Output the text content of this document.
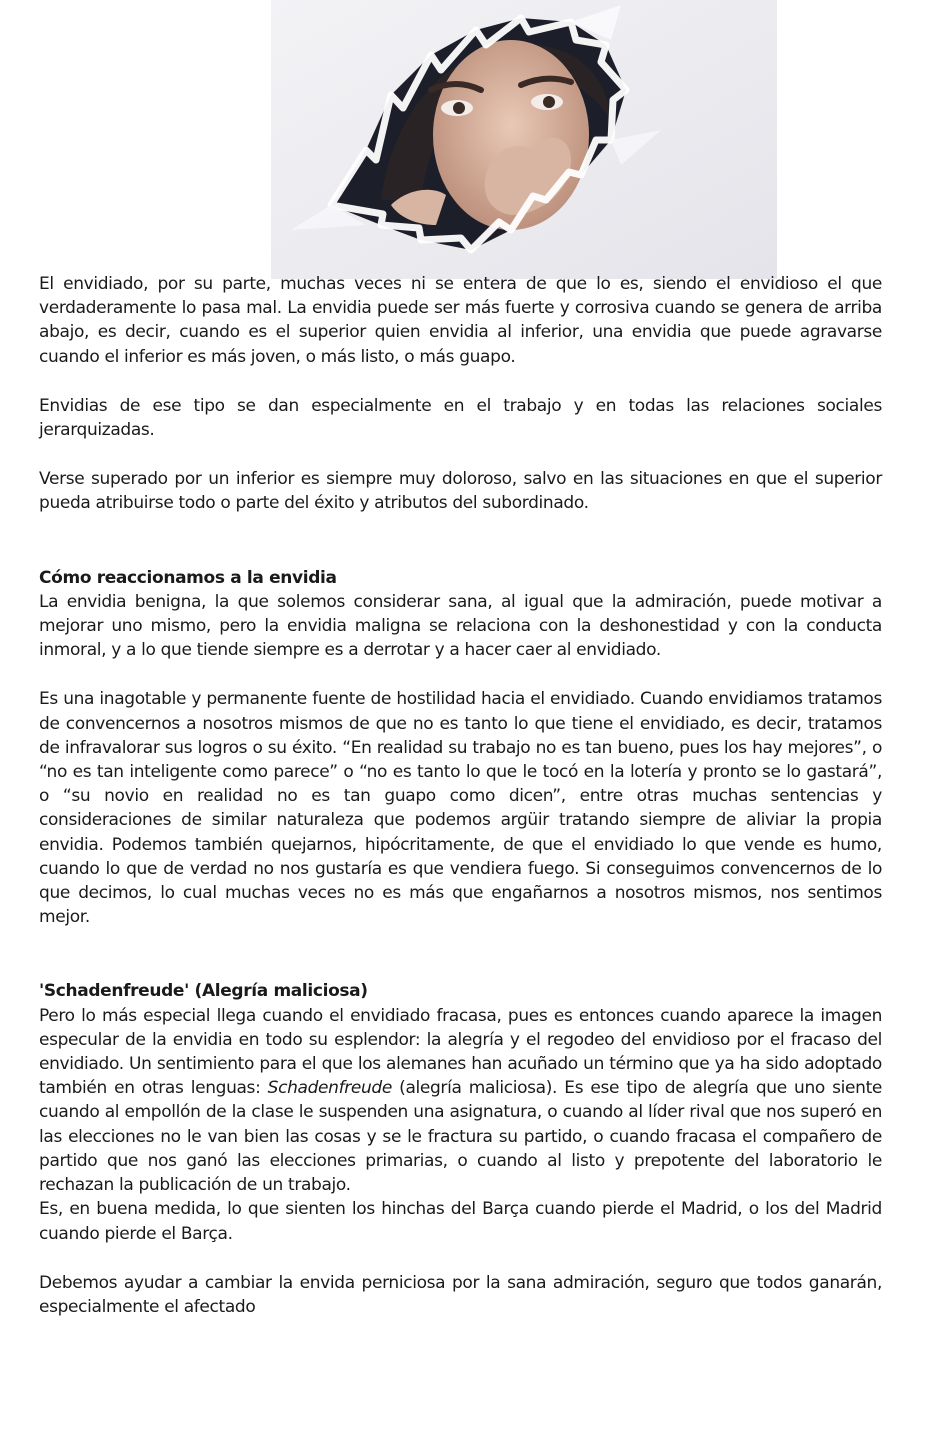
El envidiado, por su parte, muchas veces ni se entera de que lo es, siendo el envidioso el que verdaderamente lo pasa mal. La envidia puede ser más fuerte y corrosiva cuando se genera de arriba abajo, es decir, cuando es el superior quien envidia al inferior, una envidia que puede agravarse cuando el inferior es más joven, o más listo, o más guapo.

Envidias de ese tipo se dan especialmente en el trabajo y en todas las relaciones sociales jerarquizadas.

Verse superado por un inferior es siempre muy doloroso, salvo en las situaciones en que el superior pueda atribuirse todo o parte del éxito y atributos del subordinado.

Cómo reaccionamos a la envidia

La envidia benigna, la que solemos considerar sana, al igual que la admiración, puede motivar a mejorar uno mismo, pero la envidia maligna se relaciona con la deshonestidad y con la conducta inmoral, y a lo que tiende siempre es a derrotar y a hacer caer al envidiado.

Es una inagotable y permanente fuente de hostilidad hacia el envidiado. Cuando envidiamos tratamos de convencernos a nosotros mismos de que no es tanto lo que tiene el envidiado, es decir, tratamos de infravalorar sus logros o su éxito. “En realidad su trabajo no es tan bueno, pues los hay mejores”, o “no es tan inteligente como parece” o “no es tanto lo que le tocó en la lotería y pronto se lo gastará”, o “su novio en realidad no es tan guapo como dicen”, entre otras muchas sentencias y consideraciones de similar naturaleza que podemos argüir tratando siempre de aliviar la propia envidia. Podemos también quejarnos, hipócritamente, de que el envidiado lo que vende es humo, cuando lo que de verdad no nos gustaría es que vendiera fuego. Si conseguimos convencernos de lo que decimos, lo cual muchas veces no es más que engañarnos a nosotros mismos, nos sentimos mejor.

'Schadenfreude' (Alegría maliciosa)

Pero lo más especial llega cuando el envidiado fracasa, pues es entonces cuando aparece la imagen especular de la envidia en todo su esplendor: la alegría y el regodeo del envidioso por el fracaso del envidiado. Un sentimiento para el que los alemanes han acuñado un término que ya ha sido adoptado también en otras lenguas: Schadenfreude (alegría maliciosa). Es ese tipo de alegría que uno siente cuando al empollón de la clase le suspenden una asignatura, o cuando al líder rival que nos superó en las elecciones no le van bien las cosas y se le fractura su partido, o cuando fracasa el compañero de partido que nos ganó las elecciones primarias, o cuando al listo y prepotente del laboratorio le rechazan la publicación de un trabajo.

Es, en buena medida, lo que sienten los hinchas del Barça cuando pierde el Madrid, o los del Madrid cuando pierde el Barça.

Debemos ayudar a cambiar la envida perniciosa por la sana admiración, seguro que todos ganarán, especialmente el afectado
